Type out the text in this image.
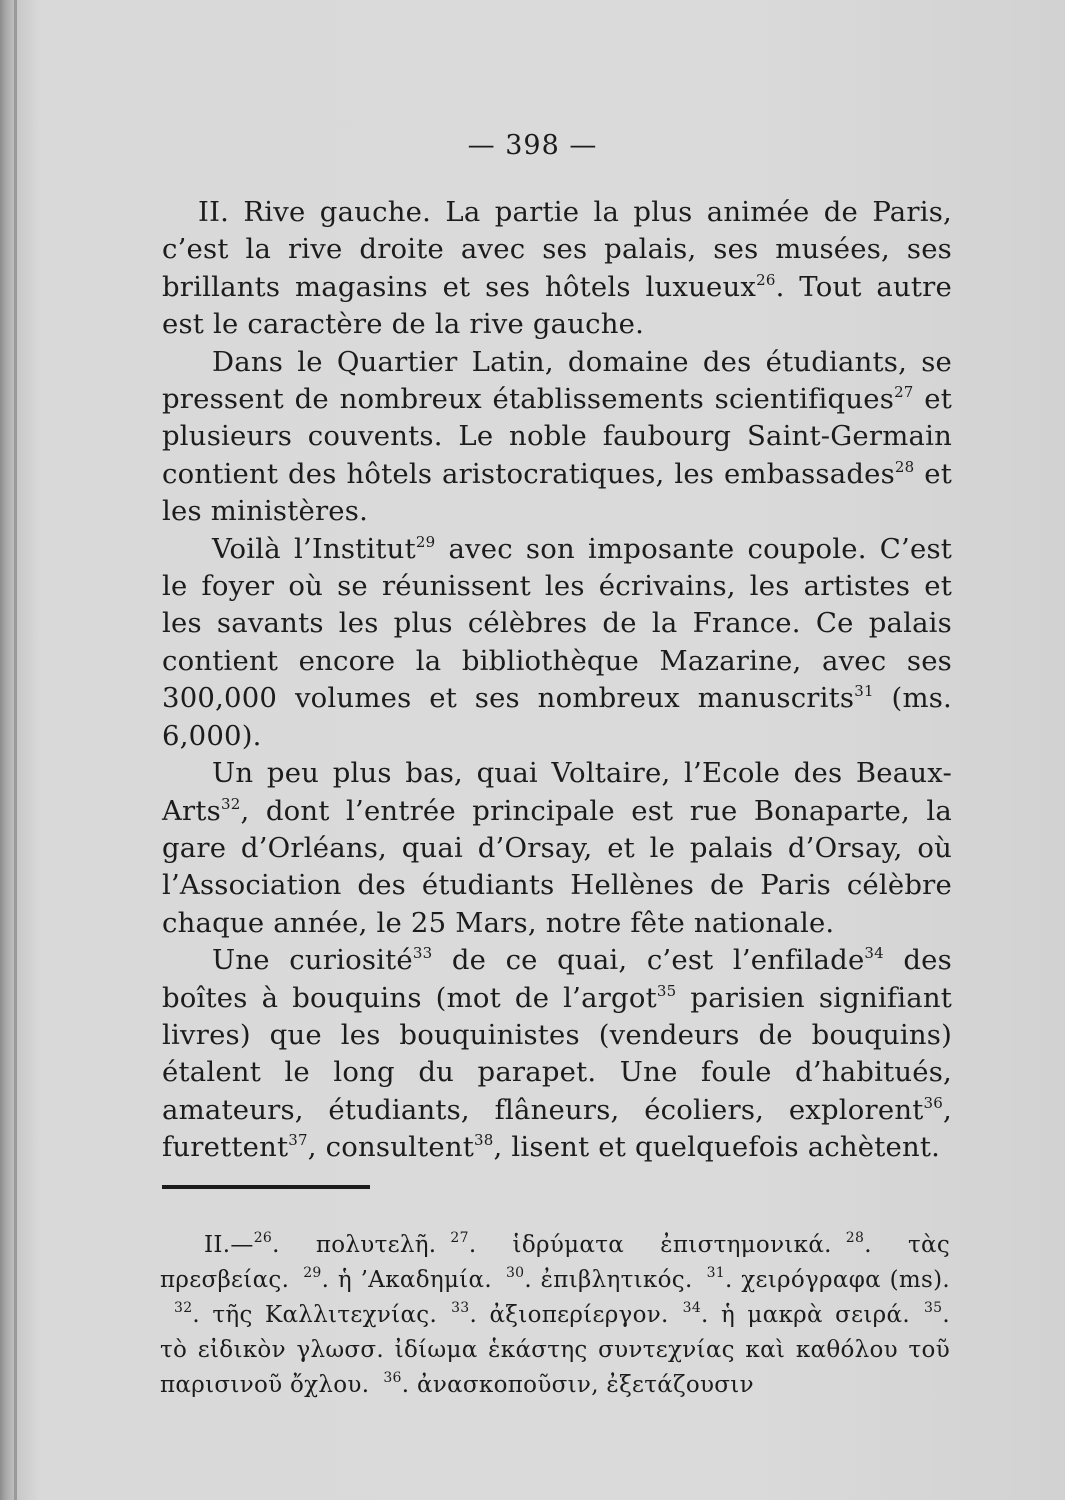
— 398 —

II. Rive gauche. La partie la plus animée de Paris, c’est la rive droite avec ses palais, ses musées, ses brillants magasins et ses hôtels luxueux$^{26}$. Tout autre est le caractère de la rive gauche.

Dans le Quartier Latin, domaine des étudiants, se pressent de nombreux établissements scientifiques$^{27}$ et plusieurs couvents. Le noble faubourg Saint-Germain contient des hôtels aristocratiques, les embassades$^{28}$ et les ministères.

Voilà l’Institut$^{29}$ avec son imposante coupole. C’est le foyer où se réunissent les écrivains, les artistes et les savants les plus célèbres de la France. Ce palais contient encore la bibliothèque Mazarine, avec ses 300,000 volumes et ses nombreux manuscrits$^{31}$ (ms. 6,000).

Un peu plus bas, quai Voltaire, l’Ecole des Beaux-Arts$^{32}$, dont l’entrée principale est rue Bonaparte, la gare d’Orléans, quai d’Orsay, et le palais d’Orsay, où l’Association des étudiants Hellènes de Paris célèbre chaque année, le 25 Mars, notre fête nationale.

Une curiosité$^{33}$ de ce quai, c’est l’enfilade$^{34}$ des boîtes à bouquins (mot de l’argot$^{35}$ parisien signifiant livres) que les bouquinistes (vendeurs de bouquins) étalent le long du parapet. Une foule d’habitués, amateurs, étudiants, flâneurs, écoliers, explorent$^{36}$, furettent$^{37}$, consultent$^{38}$, lisent et quelquefois achètent.

II.—$^{26}$. πολυτελῆ. $^{27}$. ἱδρύματα ἐπιστημονικά. $^{28}$. τὰς πρεσβείας. $^{29}$. ἡ ’Ακαδημία. $^{30}$. ἐπιβλητικός. $^{31}$. χειρόγραφα (ms).$^{32}$. τῆς Καλλιτεχνίας. $^{33}$. ἀξιοπερίεργον. $^{34}$. ἡ μακρὰ σειρά. $^{35}$. τὸ εἰδικὸν γλωσσ. ἰδίωμα ἑκάστης συντεχνίας καὶ καθόλου τοῦ παρισινοῦ ὄχλου. $^{36}$. ἀνασκοποῦσιν, ἐξετάζουσιν
